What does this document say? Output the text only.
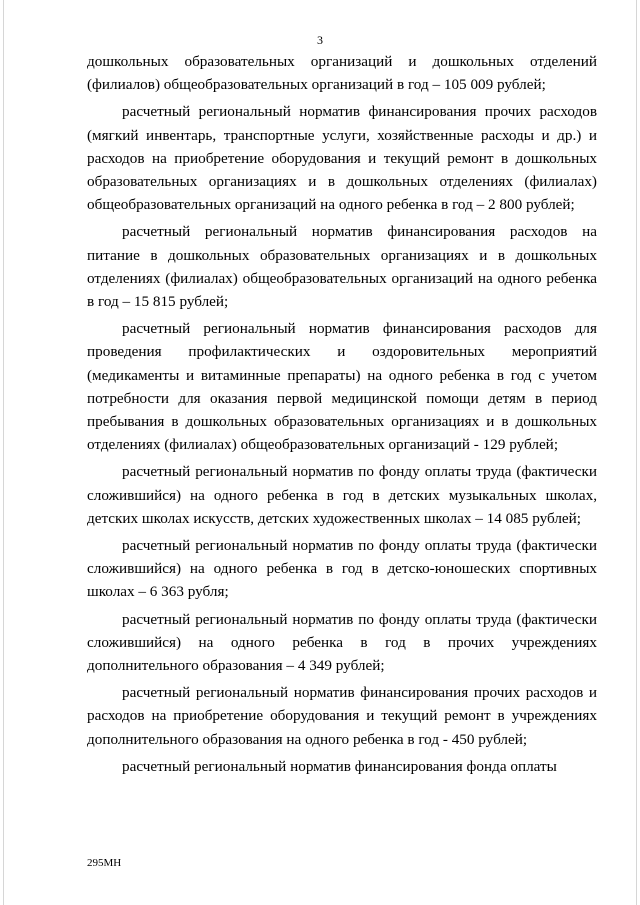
3

дошкольных образовательных организаций и дошкольных отделений (филиалов) общеобразовательных организаций в год – 105 009 рублей;

расчетный региональный норматив финансирования прочих расходов (мягкий инвентарь, транспортные услуги, хозяйственные расходы и др.) и расходов на приобретение оборудования и текущий ремонт в дошкольных образовательных организациях и в дошкольных отделениях (филиалах) общеобразовательных организаций на одного ребенка в год – 2 800 рублей;

расчетный региональный норматив финансирования расходов на питание в дошкольных образовательных организациях и в дошкольных отделениях (филиалах) общеобразовательных организаций на одного ребенка в год – 15 815 рублей;

расчетный региональный норматив финансирования расходов для проведения профилактических и оздоровительных мероприятий (медикаменты и витаминные препараты) на одного ребенка в год с учетом потребности для оказания первой медицинской помощи детям в период пребывания в дошкольных образовательных организациях и в дошкольных отделениях (филиалах) общеобразовательных организаций - 129 рублей;

расчетный региональный норматив по фонду оплаты труда (фактически сложившийся) на одного ребенка в год в детских музыкальных школах, детских школах искусств, детских художественных школах – 14 085 рублей;

расчетный региональный норматив по фонду оплаты труда (фактически сложившийся) на одного ребенка в год в детско-юношеских спортивных школах – 6 363 рубля;

расчетный региональный норматив по фонду оплаты труда (фактически сложившийся) на одного ребенка в год в прочих учреждениях дополнительного образования – 4 349 рублей;

расчетный региональный норматив финансирования прочих расходов и расходов на приобретение оборудования и текущий ремонт в учреждениях дополнительного образования на одного ребенка в год - 450 рублей;

расчетный региональный норматив финансирования фонда оплаты

295МН
